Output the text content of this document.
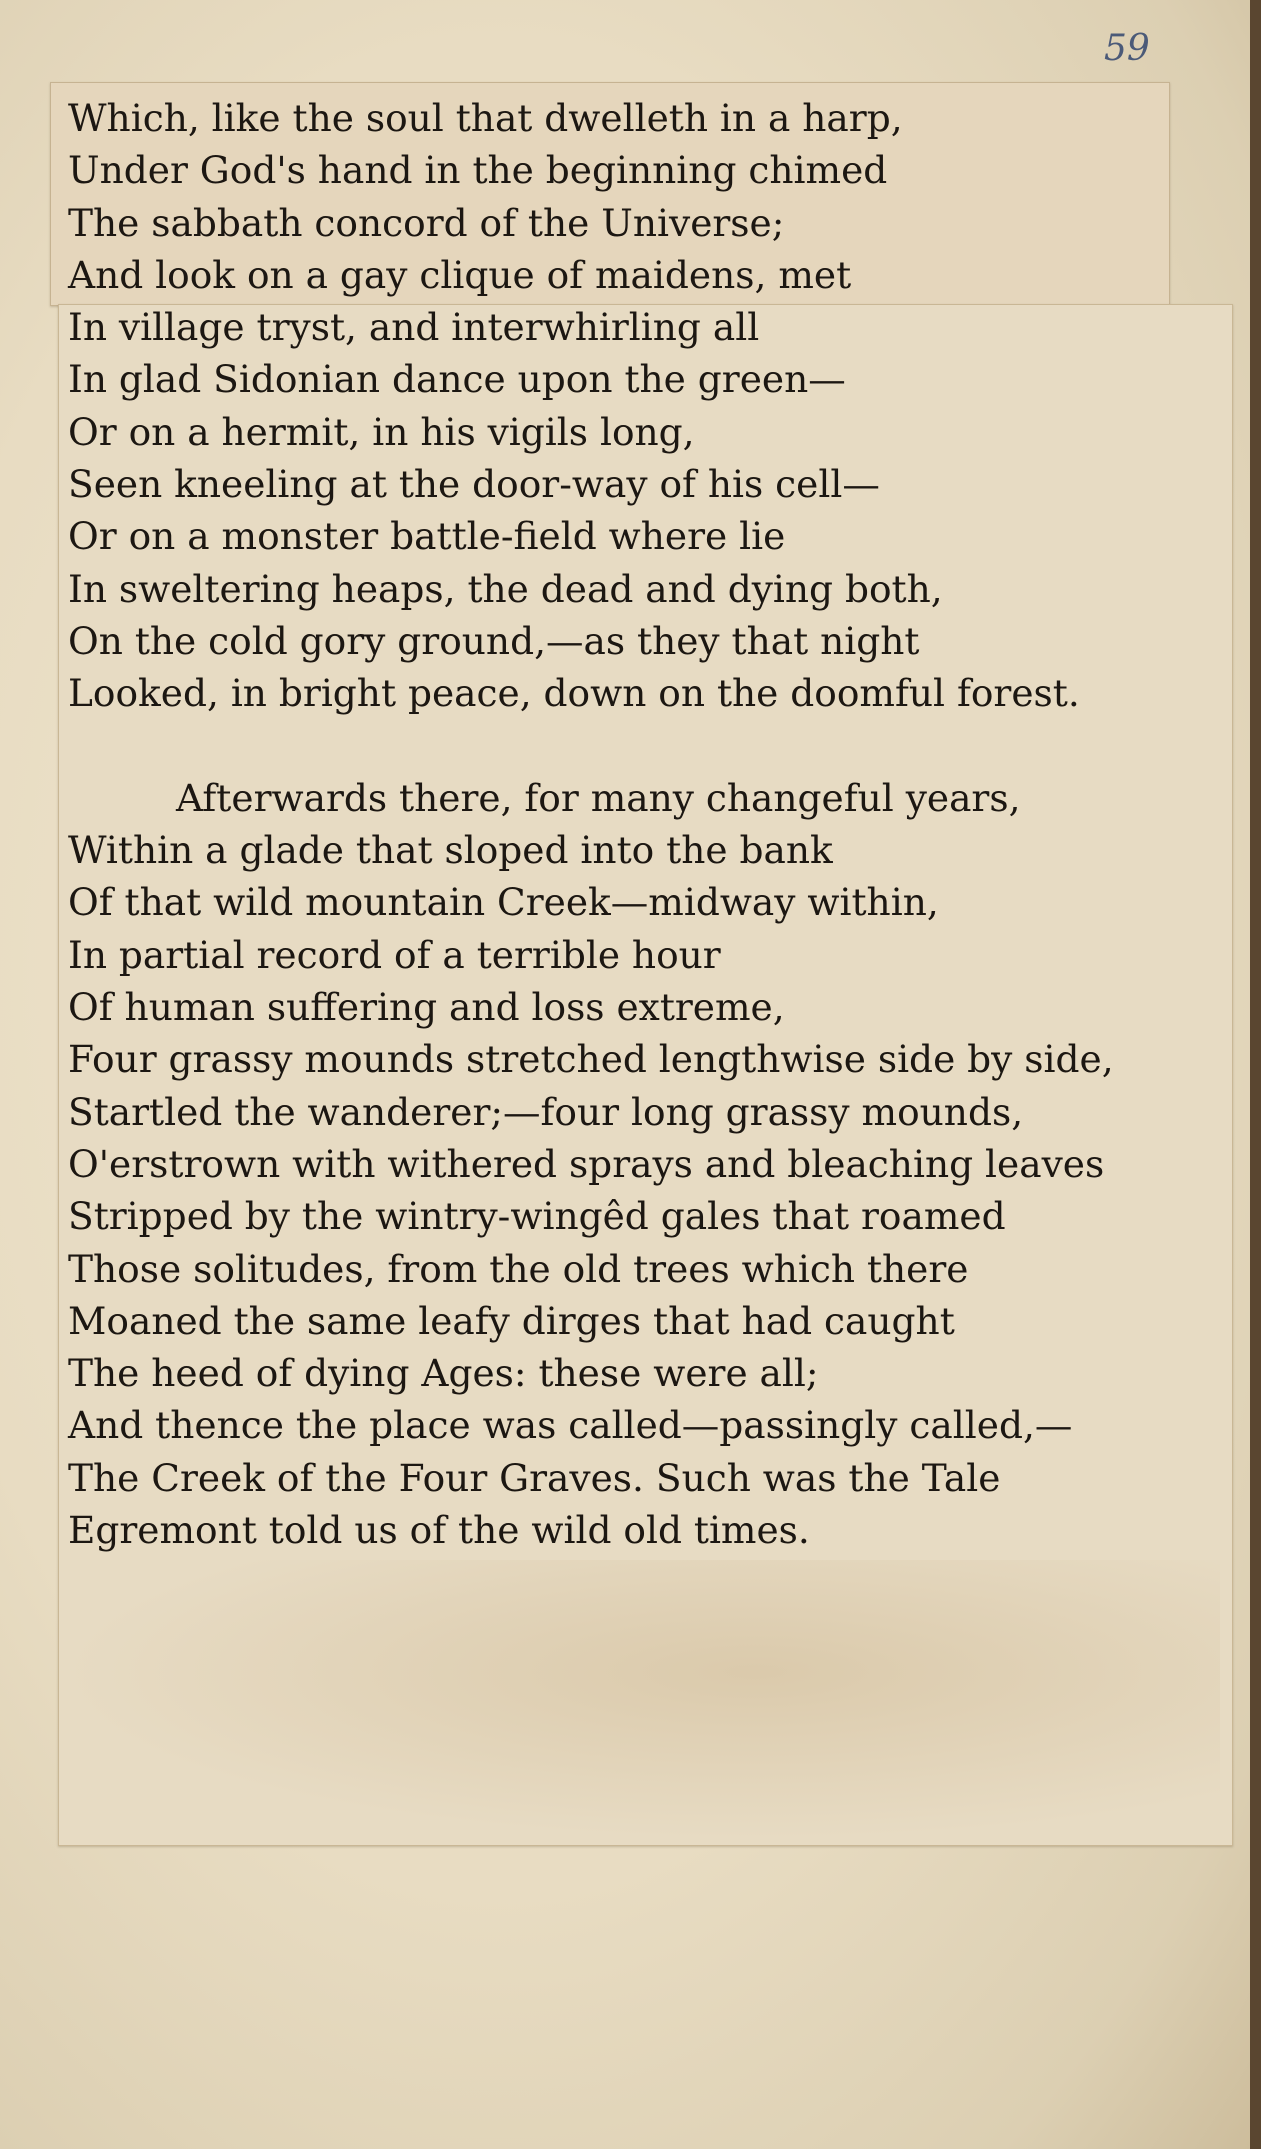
59
Which, like the soul that dwelleth in a harp,
Under God's hand in the beginning chimed
The sabbath concord of the Universe;
And look on a gay clique of maidens, met
In village tryst, and interwhirling all
In glad Sidonian dance upon the green—
Or on a hermit, in his vigils long,
Seen kneeling at the door-way of his cell—
Or on a monster battle-field where lie
In sweltering heaps, the dead and dying both,
On the cold gory ground,—as they that night
Looked, in bright peace, down on the doomful forest.
Afterwards there, for many changeful years,
Within a glade that sloped into the bank
Of that wild mountain Creek—midway within,
In partial record of a terrible hour
Of human suffering and loss extreme,
Four grassy mounds stretched lengthwise side by side,
Startled the wanderer;—four long grassy mounds,
O'erstrown with withered sprays and bleaching leaves
Stripped by the wintry-wingêd gales that roamed
Those solitudes, from the old trees which there
Moaned the same leafy dirges that had caught
The heed of dying Ages: these were all;
And thence the place was called—passingly called,—
The Creek of the Four Graves. Such was the Tale
Egremont told us of the wild old times.
